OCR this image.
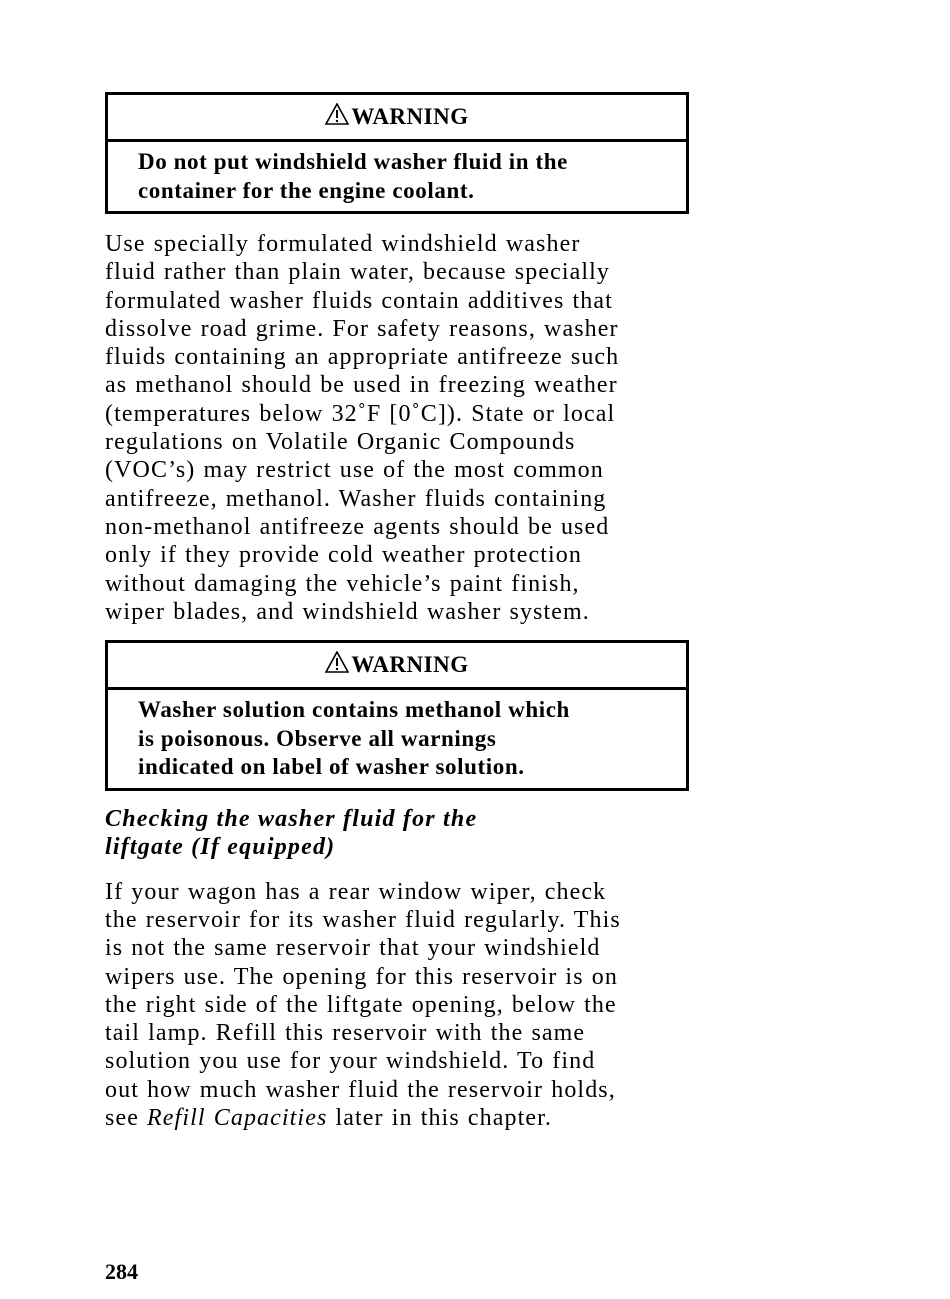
WARNING
Do not put windshield washer fluid in the
container for the engine coolant.
Use specially formulated windshield washer
fluid rather than plain water, because specially
formulated washer fluids contain additives that
dissolve road grime. For safety reasons, washer
fluids containing an appropriate antifreeze such
as methanol should be used in freezing weather
(temperatures below 32˚F [0˚C]). State or local
regulations on Volatile Organic Compounds
(VOC’s) may restrict use of the most common
antifreeze, methanol. Washer fluids containing
non-methanol antifreeze agents should be used
only if they provide cold weather protection
without damaging the vehicle’s paint finish,
wiper blades, and windshield washer system.
WARNING
Washer solution contains methanol which
is poisonous. Observe all warnings
indicated on label of washer solution.
Checking the washer fluid for the
liftgate (If equipped)
If your wagon has a rear window wiper, check
the reservoir for its washer fluid regularly. This
is not the same reservoir that your windshield
wipers use. The opening for this reservoir is on
the right side of the liftgate opening, below the
tail lamp. Refill this reservoir with the same
solution you use for your windshield. To find
out how much washer fluid the reservoir holds,
see Refill Capacities later in this chapter.
284
